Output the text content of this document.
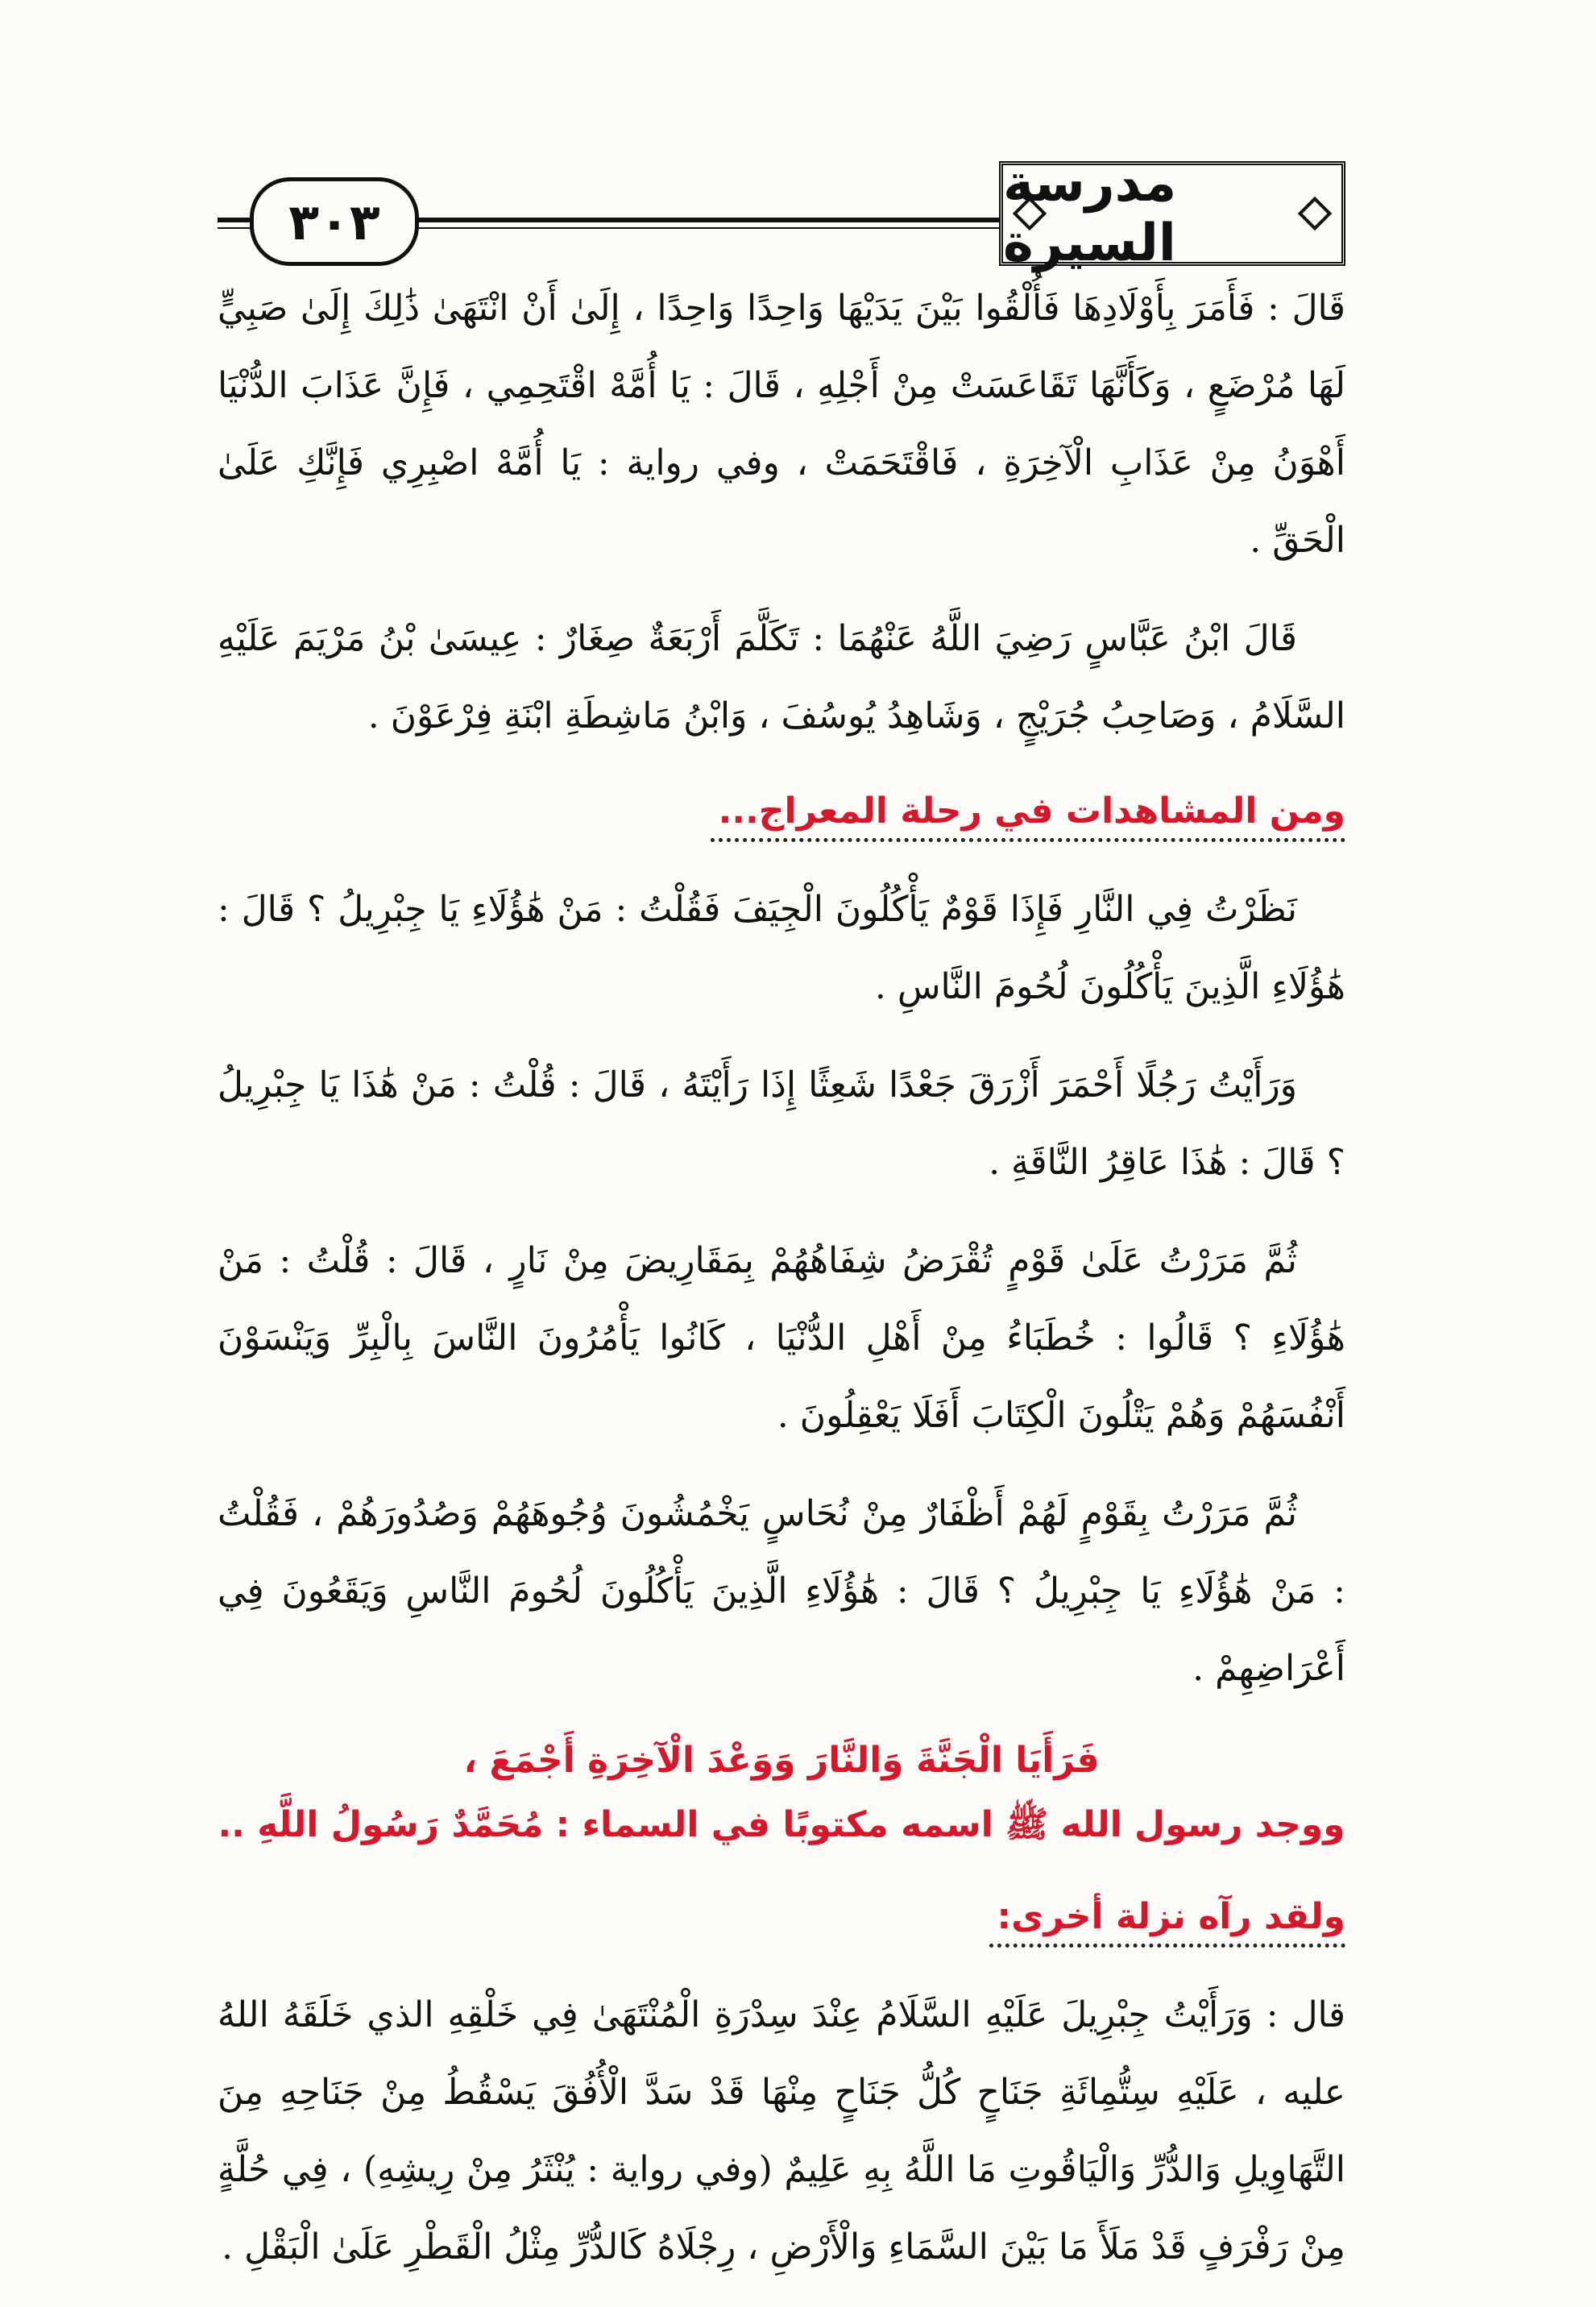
٣٠٣
مدرسة السيرة

قَالَ : فَأَمَرَ بِأَوْلَادِهَا فَأُلْقُوا بَيْنَ يَدَيْهَا وَاحِدًا وَاحِدًا ، إِلَىٰ أَنْ انْتَهَىٰ ذَٰلِكَ إِلَىٰ صَبِيٍّ لَهَا مُرْضَعٍ ، وَكَأَنَّهَا تَقَاعَسَتْ مِنْ أَجْلِهِ ، قَالَ : يَا أُمَّهْ اقْتَحِمِي ، فَإِنَّ عَذَابَ الدُّنْيَا أَهْوَنُ مِنْ عَذَابِ الْآخِرَةِ ، فَاقْتَحَمَتْ ، وفي رواية : يَا أُمَّهْ اصْبِرِي فَإِنَّكِ عَلَىٰ الْحَقِّ .

قَالَ ابْنُ عَبَّاسٍ رَضِيَ اللَّهُ عَنْهُمَا : تَكَلَّمَ أَرْبَعَةٌ صِغَارٌ : عِيسَىٰ بْنُ مَرْيَمَ عَلَيْهِ السَّلَامُ ، وَصَاحِبُ جُرَيْجٍ ، وَشَاهِدُ يُوسُفَ ، وَابْنُ مَاشِطَةِ ابْنَةِ فِرْعَوْنَ .

ومن المشاهدات في رحلة المعراج...

نَظَرْتُ فِي النَّارِ فَإِذَا قَوْمٌ يَأْكُلُونَ الْجِيَفَ فَقُلْتُ : مَنْ هَٰؤُلَاءِ يَا جِبْرِيلُ ؟ قَالَ : هَٰؤُلَاءِ الَّذِينَ يَأْكُلُونَ لُحُومَ النَّاسِ .

وَرَأَيْتُ رَجُلًا أَحْمَرَ أَزْرَقَ جَعْدًا شَعِثًا إِذَا رَأَيْتَهُ ، قَالَ : قُلْتُ : مَنْ هَٰذَا يَا جِبْرِيلُ ؟ قَالَ : هَٰذَا عَاقِرُ النَّاقَةِ .

ثُمَّ مَرَرْتُ عَلَىٰ قَوْمٍ تُقْرَضُ شِفَاهُهُمْ بِمَقَارِيضَ مِنْ نَارٍ ، قَالَ : قُلْتُ : مَنْ هَٰؤُلَاءِ ؟ قَالُوا : خُطَبَاءُ مِنْ أَهْلِ الدُّنْيَا ، كَانُوا يَأْمُرُونَ النَّاسَ بِالْبِرِّ وَيَنْسَوْنَ أَنْفُسَهُمْ وَهُمْ يَتْلُونَ الْكِتَابَ أَفَلَا يَعْقِلُونَ .

ثُمَّ مَرَرْتُ بِقَوْمٍ لَهُمْ أَظْفَارٌ مِنْ نُحَاسٍ يَخْمُشُونَ وُجُوهَهُمْ وَصُدُورَهُمْ ، فَقُلْتُ : مَنْ هَٰؤُلَاءِ يَا جِبْرِيلُ ؟ قَالَ : هَٰؤُلَاءِ الَّذِينَ يَأْكُلُونَ لُحُومَ النَّاسِ وَيَقَعُونَ فِي أَعْرَاضِهِمْ .

فَرَأَيَا الْجَنَّةَ وَالنَّارَ وَوَعْدَ الْآخِرَةِ أَجْمَعَ ،

ووجد رسول الله ﷺ اسمه مكتوبًا في السماء : مُحَمَّدٌ رَسُولُ اللَّهِ ..

ولقد رآه نزلة أخرى:

قال : وَرَأَيْتُ جِبْرِيلَ عَلَيْهِ السَّلَامُ عِنْدَ سِدْرَةِ الْمُنْتَهَىٰ فِي خَلْقِهِ الذي خَلَقَهُ اللهُ عليه ، عَلَيْهِ سِتُّمِائَةِ جَنَاحٍ كُلُّ جَنَاحٍ مِنْهَا قَدْ سَدَّ الْأُفُقَ يَسْقُطُ مِنْ جَنَاحِهِ مِنَ التَّهَاوِيلِ وَالدُّرِّ وَالْيَاقُوتِ مَا اللَّهُ بِهِ عَلِيمٌ (وفي رواية : يُنْثَرُ مِنْ رِيشِهِ) ، فِي حُلَّةٍ مِنْ رَفْرَفٍ قَدْ مَلَأَ مَا بَيْنَ السَّمَاءِ وَالْأَرْضِ ، رِجْلَاهُ كَالدُّرِّ مِثْلُ الْقَطْرِ عَلَىٰ الْبَقْلِ .
